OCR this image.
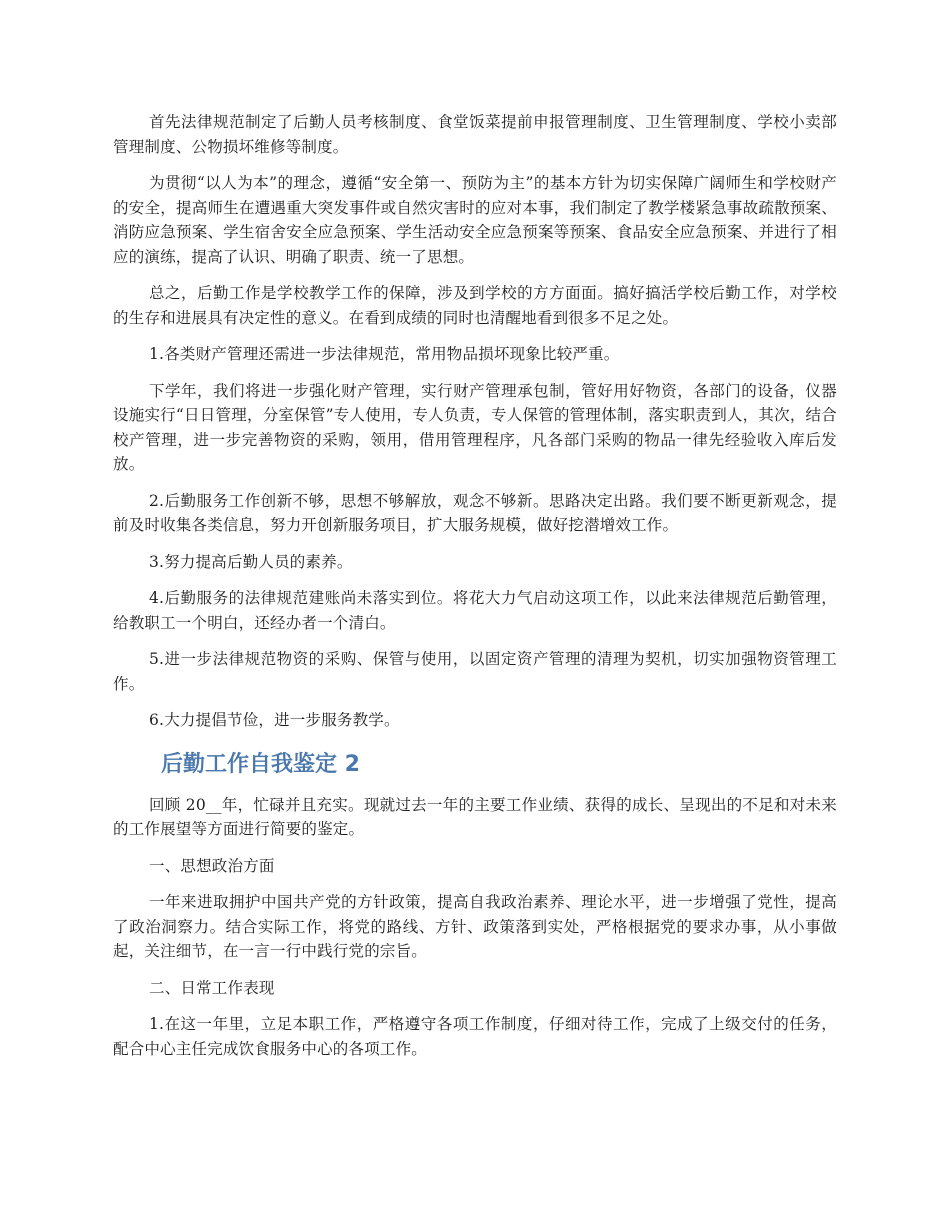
首先法律规范制定了后勤人员考核制度、食堂饭菜提前申报管理制度、卫生管理制度、学校小卖部管理制度、公物损坏维修等制度。

为贯彻“以人为本”的理念，遵循“安全第一、预防为主”的基本方针为切实保障广阔师生和学校财产的安全，提高师生在遭遇重大突发事件或自然灾害时的应对本事，我们制定了教学楼紧急事故疏散预案、消防应急预案、学生宿舍安全应急预案、学生活动安全应急预案等预案、食品安全应急预案、并进行了相应的演练，提高了认识、明确了职责、统一了思想。

总之，后勤工作是学校教学工作的保障，涉及到学校的方方面面。搞好搞活学校后勤工作，对学校的生存和进展具有决定性的意义。在看到成绩的同时也清醒地看到很多不足之处。

1.各类财产管理还需进一步法律规范，常用物品损坏现象比较严重。

下学年，我们将进一步强化财产管理，实行财产管理承包制，管好用好物资，各部门的设备，仪器设施实行“日日管理，分室保管”专人使用，专人负责，专人保管的管理体制，落实职责到人，其次，结合校产管理，进一步完善物资的采购，领用，借用管理程序，凡各部门采购的物品一律先经验收入库后发放。

2.后勤服务工作创新不够，思想不够解放，观念不够新。思路决定出路。我们要不断更新观念，提前及时收集各类信息，努力开创新服务项目，扩大服务规模，做好挖潜增效工作。

3.努力提高后勤人员的素养。

4.后勤服务的法律规范建账尚未落实到位。将花大力气启动这项工作，以此来法律规范后勤管理，给教职工一个明白，还经办者一个清白。

5.进一步法律规范物资的采购、保管与使用，以固定资产管理的清理为契机，切实加强物资管理工作。

6.大力提倡节俭，进一步服务教学。

后勤工作自我鉴定 2

回顾 20__年，忙碌并且充实。现就过去一年的主要工作业绩、获得的成长、呈现出的不足和对未来的工作展望等方面进行简要的鉴定。

一、思想政治方面

一年来进取拥护中国共产党的方针政策，提高自我政治素养、理论水平，进一步增强了党性，提高了政治洞察力。结合实际工作，将党的路线、方针、政策落到实处，严格根据党的要求办事，从小事做起，关注细节，在一言一行中践行党的宗旨。

二、日常工作表现

1.在这一年里，立足本职工作，严格遵守各项工作制度，仔细对待工作，完成了上级交付的任务，配合中心主任完成饮食服务中心的各项工作。
